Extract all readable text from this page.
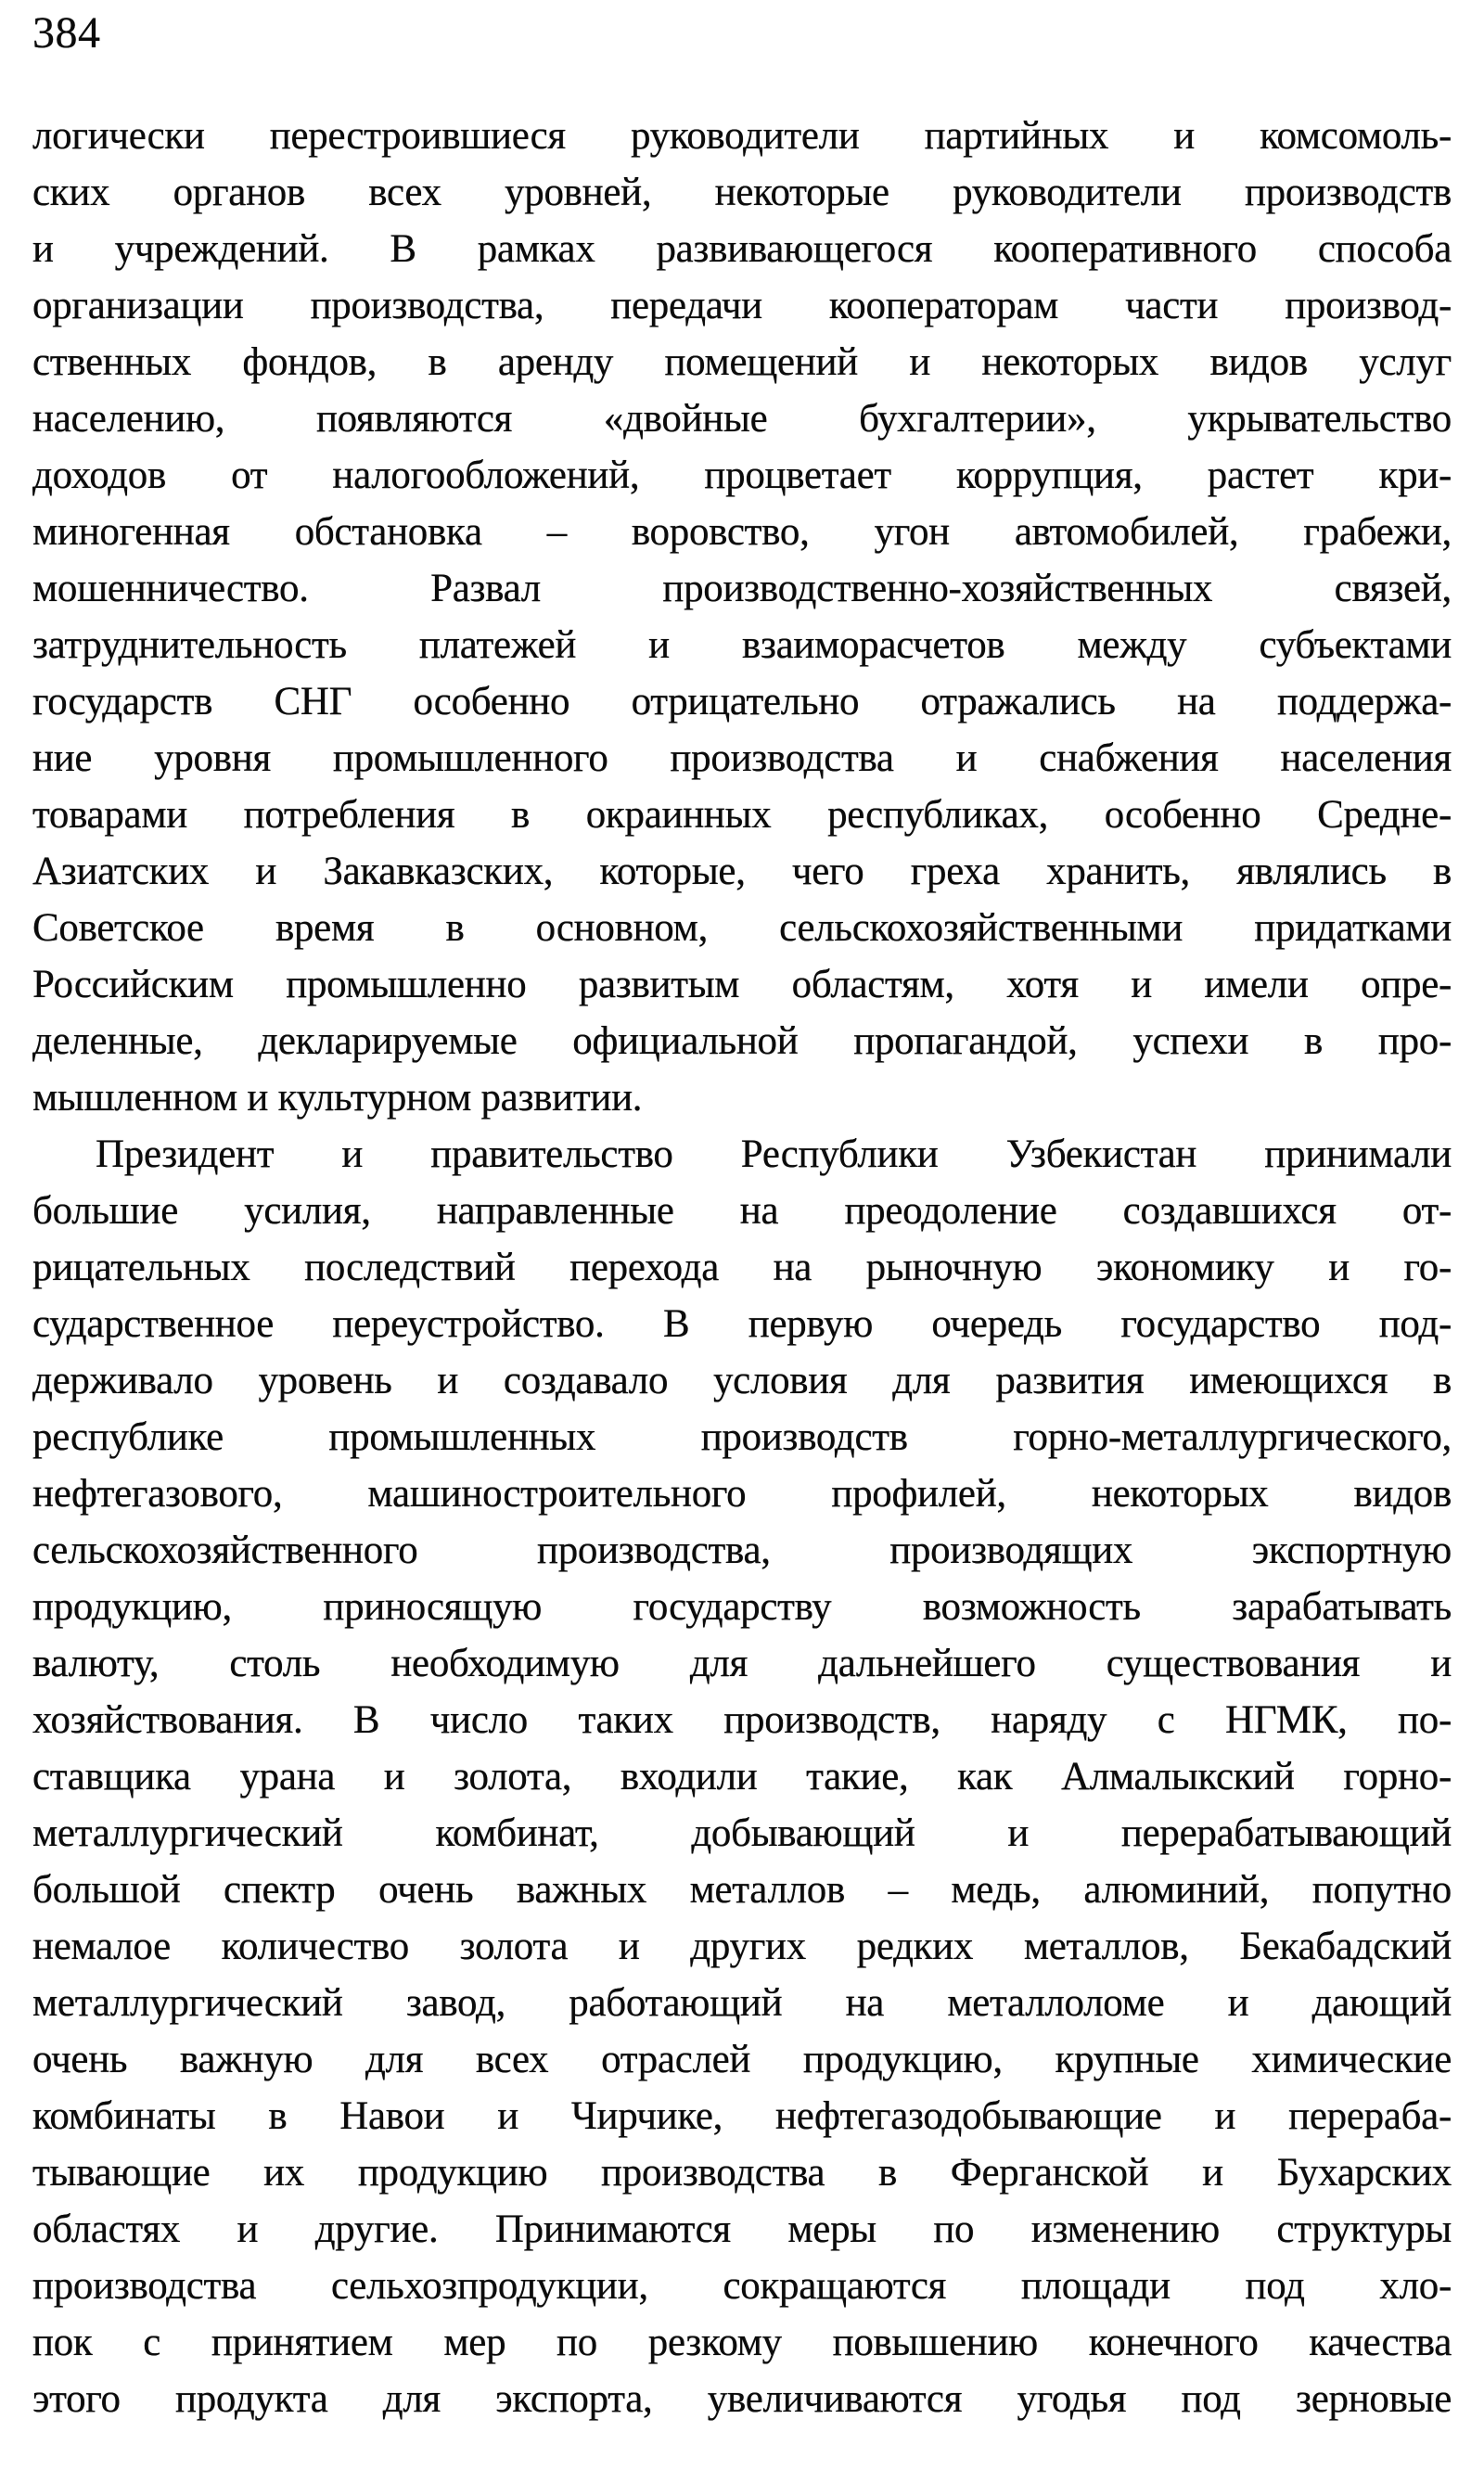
384
логически перестроившиеся руководители партийных и комсомоль-
ских органов всех уровней, некоторые руководители производств
и учреждений. В рамках развивающегося кооперативного способа
организации производства, передачи кооператорам части производ-
ственных фондов, в аренду помещений и некоторых видов услуг
населению, появляются «двойные бухгалтерии», укрывательство
доходов от налогообложений, процветает коррупция, растет кри-
миногенная обстановка – воровство, угон автомобилей, грабежи,
мошенничество. Развал производственно-хозяйственных связей,
затруднительность платежей и взаиморасчетов между субъектами
государств СНГ особенно отрицательно отражались на поддержа-
ние уровня промышленного производства и снабжения населения
товарами потребления в окраинных республиках, особенно Средне-
Азиатских и Закавказских, которые, чего греха хранить, являлись в
Советское время в основном, сельскохозяйственными придатками
Российским промышленно развитым областям, хотя и имели опре-
деленные, декларируемые официальной пропагандой, успехи в про-
мышленном и культурном развитии.
Президент и правительство Республики Узбекистан принимали
большие усилия, направленные на преодоление создавшихся от-
рицательных последствий перехода на рыночную экономику и го-
сударственное переустройство. В первую очередь государство под-
держивало уровень и создавало условия для развития имеющихся в
республике промышленных производств горно-металлургического,
нефтегазового, машиностроительного профилей, некоторых видов
сельскохозяйственного производства, производящих экспортную
продукцию, приносящую государству возможность зарабатывать
валюту, столь необходимую для дальнейшего существования и
хозяйствования. В число таких производств, наряду с НГМК, по-
ставщика урана и золота, входили такие, как Алмалыкский горно-
металлургический комбинат, добывающий и перерабатывающий
большой спектр очень важных металлов – медь, алюминий, попутно
немалое количество золота и других редких металлов, Бекабадский
металлургический завод, работающий на металлоломе и дающий
очень важную для всех отраслей продукцию, крупные химические
комбинаты в Навои и Чирчике, нефтегазодобывающие и перераба-
тывающие их продукцию производства в Ферганской и Бухарских
областях и другие. Принимаются меры по изменению структуры
производства сельхозпродукции, сокращаются площади под хло-
пок с принятием мер по резкому повышению конечного качества
этого продукта для экспорта, увеличиваются угодья под зерновые
